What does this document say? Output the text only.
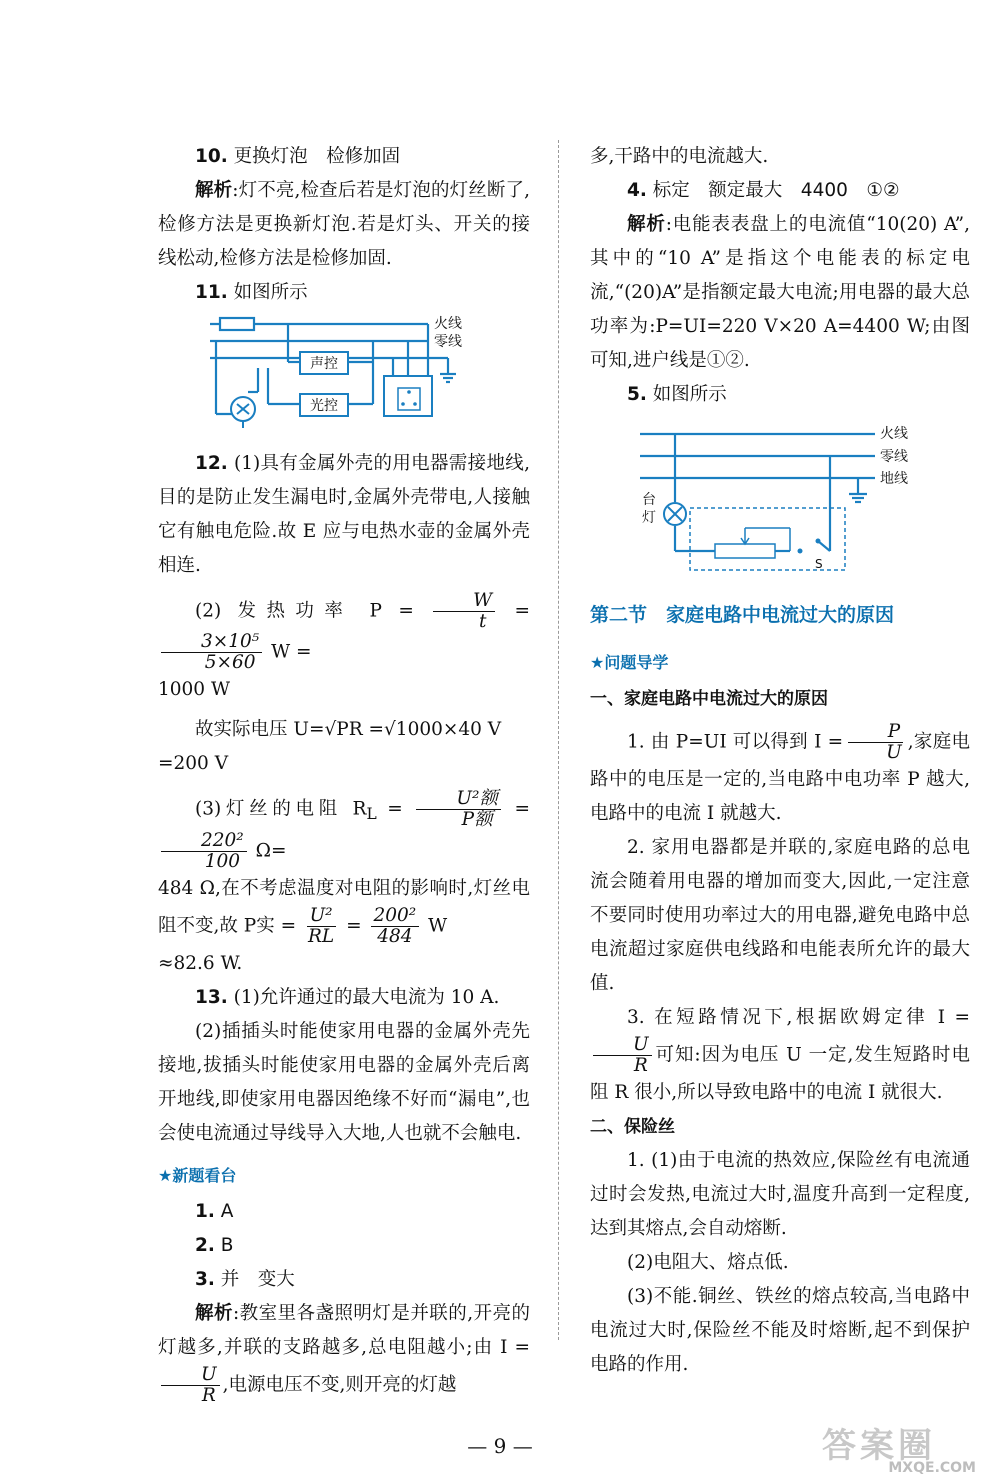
10. 更换灯泡　检修加固

解析:灯不亮,检查后若是灯泡的灯丝断了,检修方法是更换新灯泡.若是灯头、开关的接线松动,检修方法是检修加固.

11. 如图所示

声控
光控
火线
零线

12. (1)具有金属外壳的用电器需接地线,目的是防止发生漏电时,金属外壳带电,人接触它有触电危险.故 E 应与电热水壶的金属外壳相连.

(2) 发热功率 $P = \frac{W}{t}$ =
$\frac{\text{3×10⁵}}{5\times 60}$ W =

1000 W

故实际电压 U=√PR =√1000×40 V

=200 V

(3)灯丝的电阻 $R_L = \frac{\text{U²额}}{\text{P额}}$ =
$\frac{\text{220²}}{100} \Omega=$

484 Ω,在不考虑温度对电阻的影响时,灯丝电阻不变,故 P实 = $\frac{\text{U²}}{RL} = \frac{\text{200²}}{484}$ W

≈82.6 W.

13. (1)允许通过的最大电流为 10 A.

(2)插插头时能使家用电器的金属外壳先接地,拔插头时能使家用电器的金属外壳后离开地线,即使家用电器因绝缘不好而“漏电”,也会使电流通过导线导入大地,人也就不会触电.

★新题看台

1. A

2. B

3. 并　变大

解析:教室里各盏照明灯是并联的,开亮的灯越多,并联的支路越多,总电阻越小;由 I =
$\frac{U}{R}$ ,电源电压不变,则开亮的灯越

多,干路中的电流越大.

4. 标定　额定最大　4400　①②

解析:电能表表盘上的电流值“10(20) A”,其中的“10 A”是指这个电能表的标定电流,“(20)A”是指额定最大电流;用电器的最大总功率为:P=UI=220 V×20 A=4400 W;由图可知,进户线是①②.

5. 如图所示

S
台
灯
火线
零线
地线
第二节　家庭电路中电流过大的原因
★问题导学

一、家庭电路中电流过大的原因

1. 由 P=UI 可以得到 $I = \frac{P}{U}$ ,家庭电路中的电压是一定的,当电路中电功率 P 越大,电路中的电流 I 就越大.

2. 家用电器都是并联的,家庭电路的总电流会随着用电器的增加而变大,因此,一定注意不要同时使用功率过大的用电器,避免电路中总电流超过家庭供电线路和电能表所允许的最大值.

3. 在短路情况下,根据欧姆定律 I =
$\frac{U}{R}$ 可知:因为电压 U 一定,发生短路时电阻 R 很小,所以导致电路中的电流 I 就很大.

二、保险丝

1. (1)由于电流的热效应,保险丝有电流通过时会发热,电流过大时,温度升高到一定程度,达到其熔点,会自动熔断.

(2)电阻大、熔点低.

(3)不能.铜丝、铁丝的熔点较高,当电路中电流过大时,保险丝不能及时熔断,起不到保护电路的作用.

— 9 —	答案圈
MXQE.COM
